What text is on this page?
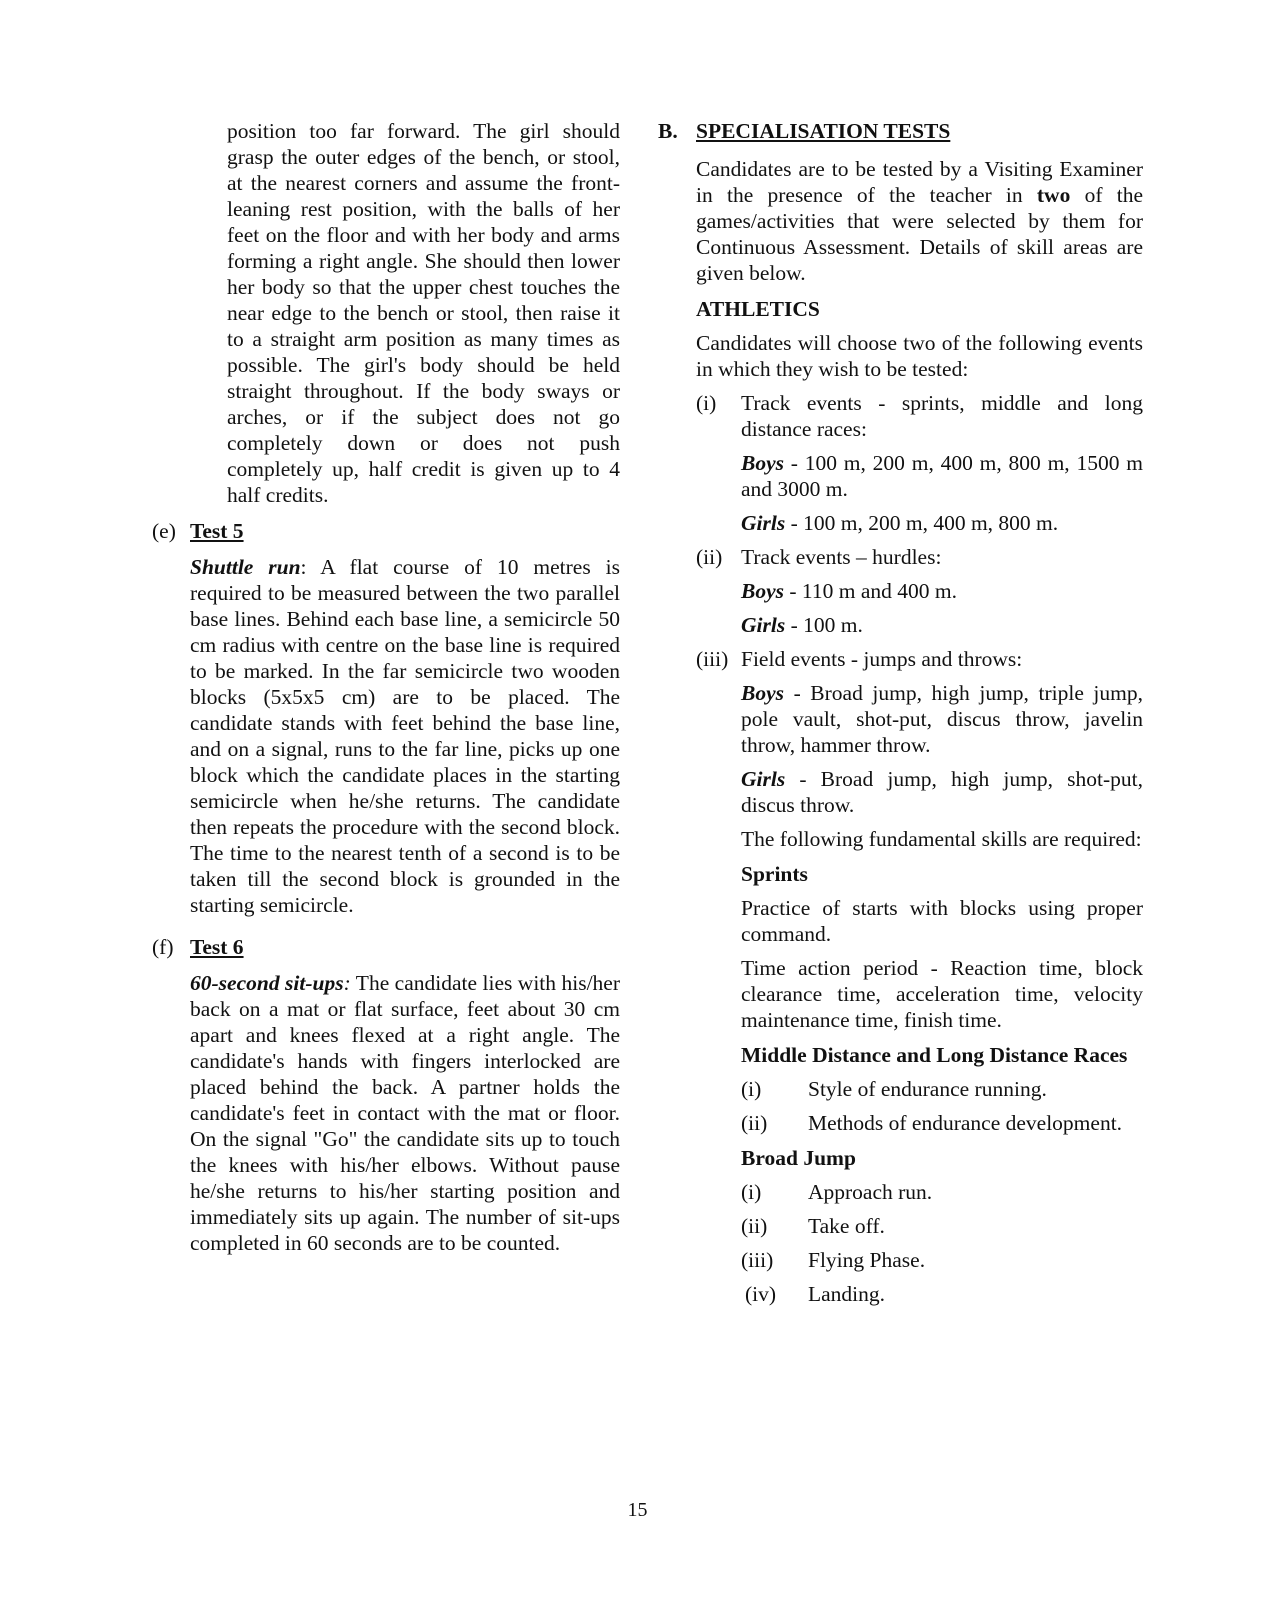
position too far forward. The girl should grasp the outer edges of the bench, or stool, at the nearest corners and assume the front-leaning rest position, with the balls of her feet on the floor and with her body and arms forming a right angle. She should then lower her body so that the upper chest touches the near edge to the bench or stool, then raise it to a straight arm position as many times as possible. The girl's body should be held straight throughout. If the body sways or arches, or if the subject does not go completely down or does not push completely up, half credit is given up to 4 half credits.

(e) Test 5

Shuttle run: A flat course of 10 metres is required to be measured between the two parallel base lines. Behind each base line, a semicircle 50 cm radius with centre on the base line is required to be marked. In the far semicircle two wooden blocks (5x5x5 cm) are to be placed. The candidate stands with feet behind the base line, and on a signal, runs to the far line, picks up one block which the candidate places in the starting semicircle when he/she returns. The candidate then repeats the procedure with the second block. The time to the nearest tenth of a second is to be taken till the second block is grounded in the starting semicircle.

(f) Test 6

60-second sit-ups: The candidate lies with his/her back on a mat or flat surface, feet about 30 cm apart and knees flexed at a right angle. The candidate's hands with fingers interlocked are placed behind the back. A partner holds the candidate's feet in contact with the mat or floor. On the signal "Go" the candidate sits up to touch the knees with his/her elbows. Without pause he/she returns to his/her starting position and immediately sits up again. The number of sit-ups completed in 60 seconds are to be counted.

B. SPECIALISATION TESTS

Candidates are to be tested by a Visiting Examiner in the presence of the teacher in two of the games/activities that were selected by them for Continuous Assessment. Details of skill areas are given below.

ATHLETICS

Candidates will choose two of the following events in which they wish to be tested:

(i)	Track events - sprints, middle and long distance races:

Boys - 100 m, 200 m, 400 m, 800 m, 1500 m and 3000 m.

Girls - 100 m, 200 m, 400 m, 800 m.

(ii) Track events – hurdles:

Boys - 110 m and 400 m.

Girls - 100 m.

(iii) Field events - jumps and throws:

Boys - Broad jump, high jump, triple jump, pole vault, shot-put, discus throw, javelin throw, hammer throw.

Girls - Broad jump, high jump, shot-put, discus throw.

The following fundamental skills are required:

Sprints

Practice of starts with blocks using proper command.

Time action period - Reaction time, block clearance time, acceleration time, velocity maintenance time, finish time.

Middle Distance and Long Distance Races
(i)	Style of endurance running.
(ii)	Methods of endurance development.
Broad Jump
(i)	Approach run.
(ii)	Take off.
(iii)	Flying Phase.
(iv)	Landing.
15
